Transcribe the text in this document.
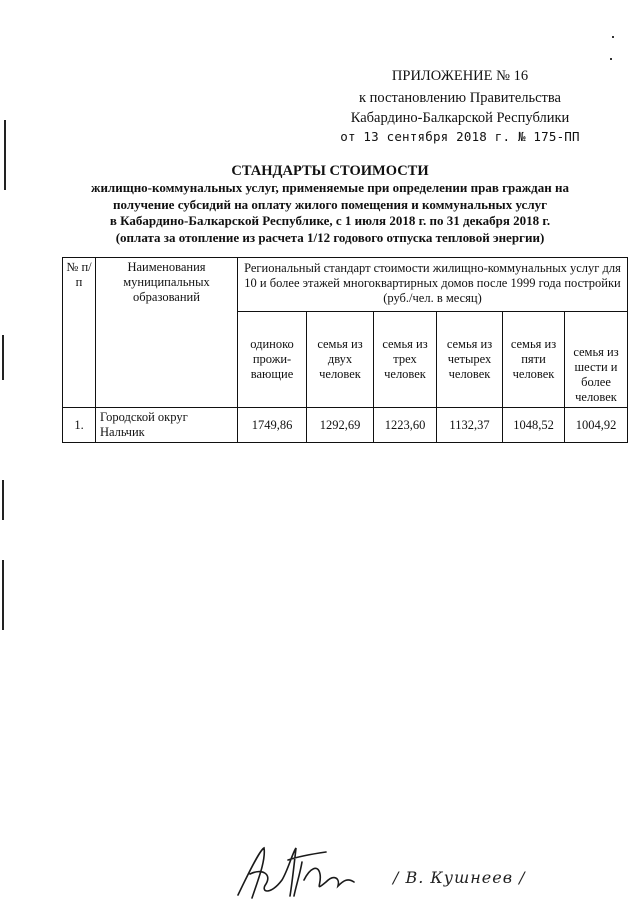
ПРИЛОЖЕНИЕ № 16
к постановлению Правительства
Кабардино-Балкарской Республики
от 13 сентября 2018 г. № 175-ПП
СТАНДАРТЫ СТОИМОСТИ
жилищно-коммунальных услуг, применяемые при определении прав граждан на
получение субсидий на оплату жилого помещения и коммунальных услуг
в Кабардино-Балкарской Республике, с 1 июля 2018 г. по 31 декабря 2018 г.
(оплата за отопление из расчета 1/12 годового отпуска тепловой энергии)
№ п/п	Наименования муниципальных образований	Региональный стандарт стоимости жилищно-коммунальных услуг для 10 и более этажей многоквартирных домов после 1999 года постройки (руб./чел. в месяц)					
		одиноко прожи- вающие	семья из двух человек	семья из трех человек	семья из четырех человек	семья из пяти человек	семья из шести и более человек
1.	Городской округ Нальчик	1749,86	1292,69	1223,60	1132,37	1048,52	1004,92
/ В. Кушнеев /
